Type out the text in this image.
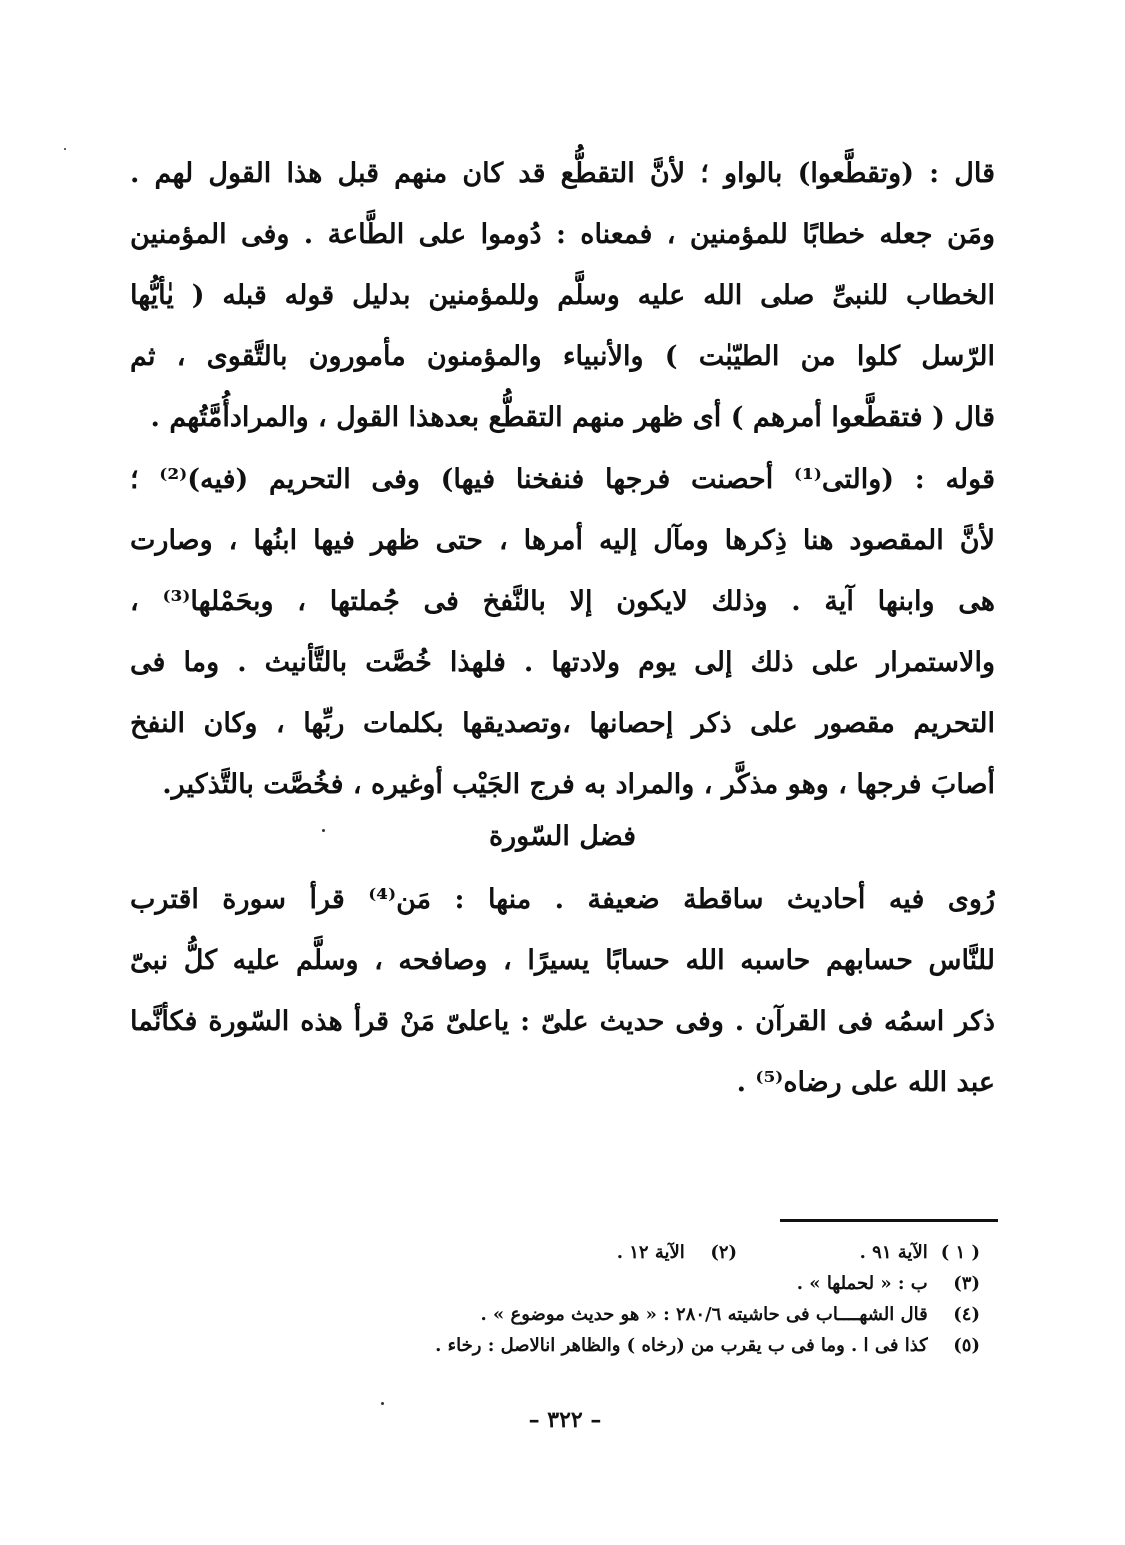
قال : (وتقطَّعوا) بالواو ؛ لأنَّ التقطُّع قد كان منهم قبل هذا القول لهم .
ومَن جعله خطابًا للمؤمنين ، فمعناه : دُوموا على الطَّاعة . وفى المؤمنين
الخطاب للنبىِّ صلى الله عليه وسلَّم وللمؤمنين بدليل قوله قبله ( يٰأيُّها
الرّسل كلوا من الطيّبٰت ) والأنبياء والمؤمنون مأمورون بالتَّقوى ، ثم
قال ( فتقطَّعوا أمرهم ) أى ظهر منهم التقطُّع بعدهذا القول ، والمرادأُمَّتُهم .
قوله : (والتى⁽¹⁾ أحصنت فرجها فنفخنا فيها) وفى التحريم (فيه)⁽²⁾ ؛
لأنَّ المقصود هنا ذِكرها ومآل إليه أمرها ، حتى ظهر فيها ابنُها ، وصارت
هى وابنها آية . وذلك لايكون إلا بالنَّفخ فى جُملتها ، وبحَمْلها⁽³⁾ ،
والاستمرار على ذلك إلى يوم ولادتها . فلهذا خُصَّت بالتَّأنيث . وما فى
التحريم مقصور على ذكر إحصانها ،وتصديقها بكلمات ربِّها ، وكان النفخ
أصابَ فرجها ، وهو مذكَّر ، والمراد به فرج الجَيْب أوغيره ، فخُصَّت بالتَّذكير.
فضل السّورة
رُوى فيه أحاديث ساقطة ضعيفة . منها : مَن⁽⁴⁾ قرأ سورة اقترب
للنَّاس حسابهم حاسبه الله حسابًا يسيرًا ، وصافحه ، وسلَّم عليه كلُّ نبىّ
ذكر اسمُه فى القرآن . وفى حديث علىّ : ياعلىّ مَنْ قرأ هذه السّورة فكأنَّما
عبد الله على رضاه⁽⁵⁾ .
( ١ ) الآية ٩١ .  (٢) الآية ١٢ .
(٣) ب : « لحملها » .
(٤) قال الشهــــاب فى حاشيته ٢٨٠/٦ : « هو حديث موضوع » .
(٥) كذا فى ا . وما فى ب يقرب من (رخاه ) والظاهر انالاصل : رخاء .
– ٣٢٢ –
